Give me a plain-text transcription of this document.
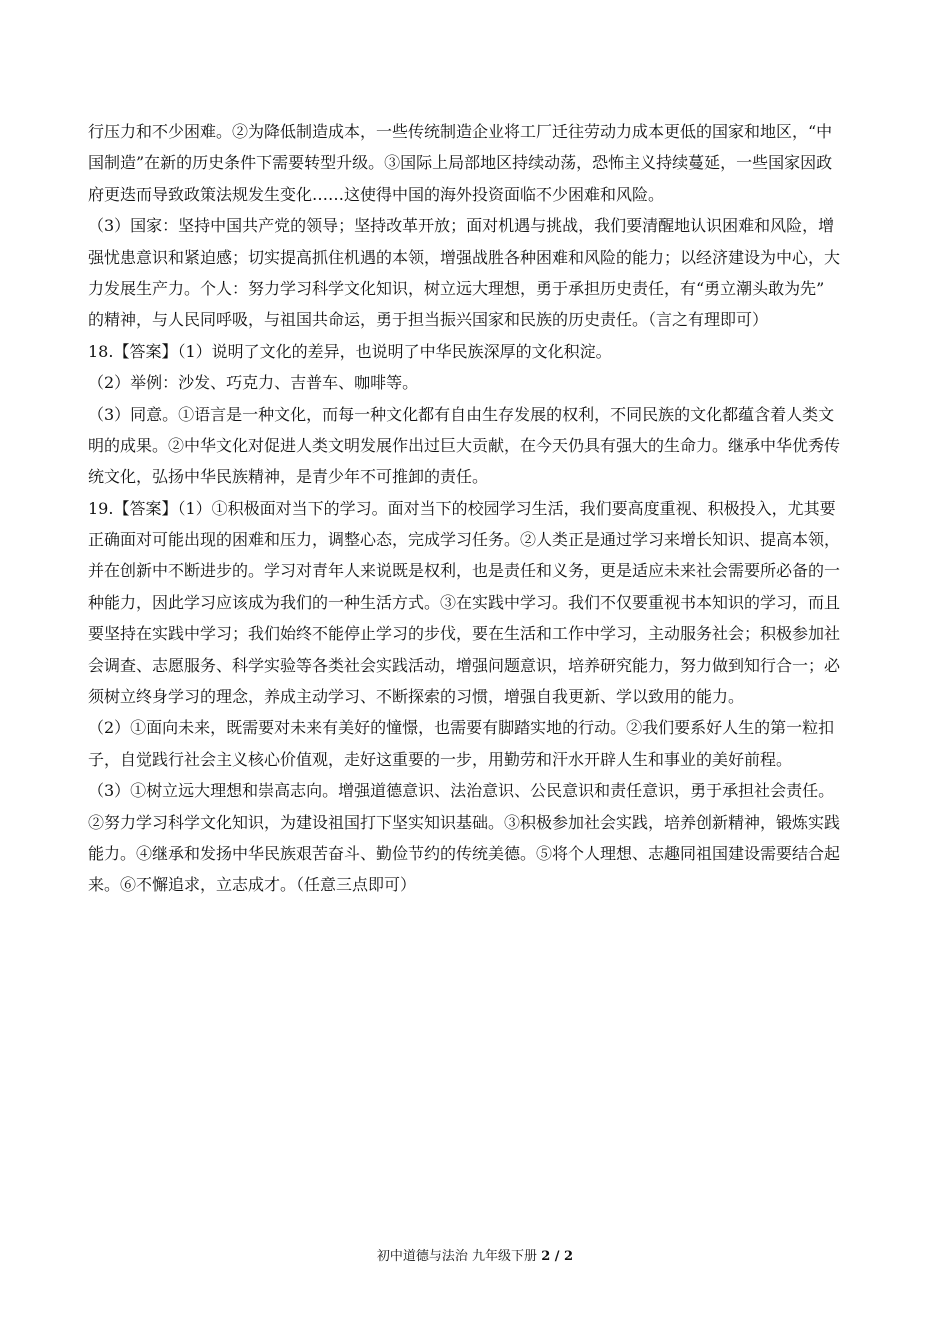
行压力和不少困难。②为降低制造成本，一些传统制造企业将工厂迁往劳动力成本更低的国家和地区，“中
国制造”在新的历史条件下需要转型升级。③国际上局部地区持续动荡，恐怖主义持续蔓延，一些国家因政
府更迭而导致政策法规发生变化……这使得中国的海外投资面临不少困难和风险。
（3）国家：坚持中国共产党的领导；坚持改革开放；面对机遇与挑战，我们要清醒地认识困难和风险，增
强忧患意识和紧迫感；切实提高抓住机遇的本领，增强战胜各种困难和风险的能力；以经济建设为中心，大
力发展生产力。个人：努力学习科学文化知识，树立远大理想，勇于承担历史责任，有“勇立潮头敢为先”
的精神，与人民同呼吸，与祖国共命运，勇于担当振兴国家和民族的历史责任。（言之有理即可）
18.【答案】（1）说明了文化的差异，也说明了中华民族深厚的文化积淀。
（2）举例：沙发、巧克力、吉普车、咖啡等。
（3）同意。①语言是一种文化，而每一种文化都有自由生存发展的权利，不同民族的文化都蕴含着人类文
明的成果。②中华文化对促进人类文明发展作出过巨大贡献，在今天仍具有强大的生命力。继承中华优秀传
统文化，弘扬中华民族精神，是青少年不可推卸的责任。
19.【答案】（1）①积极面对当下的学习。面对当下的校园学习生活，我们要高度重视、积极投入，尤其要
正确面对可能出现的困难和压力，调整心态，完成学习任务。②人类正是通过学习来增长知识、提高本领，
并在创新中不断进步的。学习对青年人来说既是权利，也是责任和义务，更是适应未来社会需要所必备的一
种能力，因此学习应该成为我们的一种生活方式。③在实践中学习。我们不仅要重视书本知识的学习，而且
要坚持在实践中学习；我们始终不能停止学习的步伐，要在生活和工作中学习，主动服务社会；积极参加社
会调查、志愿服务、科学实验等各类社会实践活动，增强问题意识，培养研究能力，努力做到知行合一；必
须树立终身学习的理念，养成主动学习、不断探索的习惯，增强自我更新、学以致用的能力。
（2）①面向未来，既需要对未来有美好的憧憬，也需要有脚踏实地的行动。②我们要系好人生的第一粒扣
子，自觉践行社会主义核心价值观，走好这重要的一步，用勤劳和汗水开辟人生和事业的美好前程。
（3）①树立远大理想和崇高志向。增强道德意识、法治意识、公民意识和责任意识，勇于承担社会责任。
②努力学习科学文化知识，为建设祖国打下坚实知识基础。③积极参加社会实践，培养创新精神，锻炼实践
能力。④继承和发扬中华民族艰苦奋斗、勤俭节约的传统美德。⑤将个人理想、志趣同祖国建设需要结合起
来。⑥不懈追求，立志成才。（任意三点即可）
初中道德与法治 九年级下册 2 / 2
